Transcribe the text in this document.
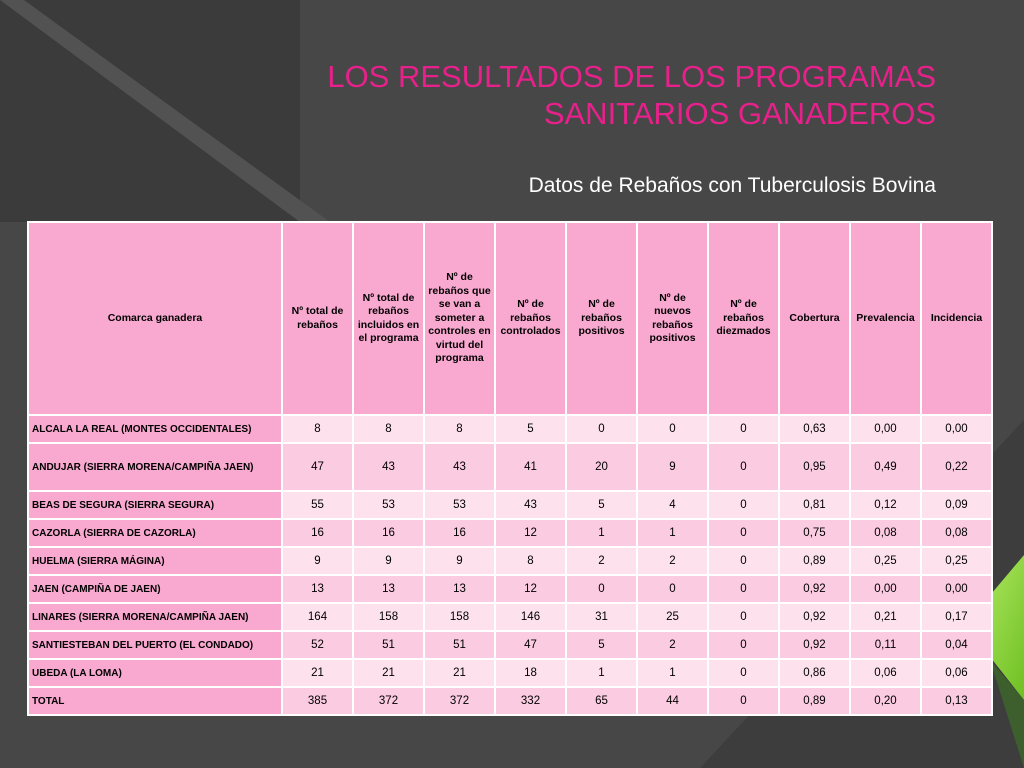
LOS RESULTADOS DE LOS PROGRAMAS
SANITARIOS GANADEROS

Datos de Rebaños con Tuberculosis Bovina

Comarca ganadera	Nº total de rebaños	Nº total de rebaños incluidos en el programa	Nº de rebaños que se van a someter a controles en virtud del programa	Nº de rebaños controlados	Nº de rebaños positivos	Nº de nuevos rebaños positivos	Nº de rebaños diezmados	Cobertura	Prevalencia	Incidencia
ALCALA LA REAL (MONTES OCCIDENTALES)	8	8	8	5	0	0	0	0,63	0,00	0,00
ANDUJAR (SIERRA MORENA/CAMPIÑA JAEN)	47	43	43	41	20	9	0	0,95	0,49	0,22
BEAS DE SEGURA (SIERRA SEGURA)	55	53	53	43	5	4	0	0,81	0,12	0,09
CAZORLA (SIERRA DE CAZORLA)	16	16	16	12	1	1	0	0,75	0,08	0,08
HUELMA (SIERRA MÁGINA)	9	9	9	8	2	2	0	0,89	0,25	0,25
JAEN (CAMPIÑA DE JAEN)	13	13	13	12	0	0	0	0,92	0,00	0,00
LINARES (SIERRA MORENA/CAMPIÑA JAEN)	164	158	158	146	31	25	0	0,92	0,21	0,17
SANTIESTEBAN DEL PUERTO (EL CONDADO)	52	51	51	47	5	2	0	0,92	0,11	0,04
UBEDA (LA LOMA)	21	21	21	18	1	1	0	0,86	0,06	0,06
TOTAL	385	372	372	332	65	44	0	0,89	0,20	0,13
